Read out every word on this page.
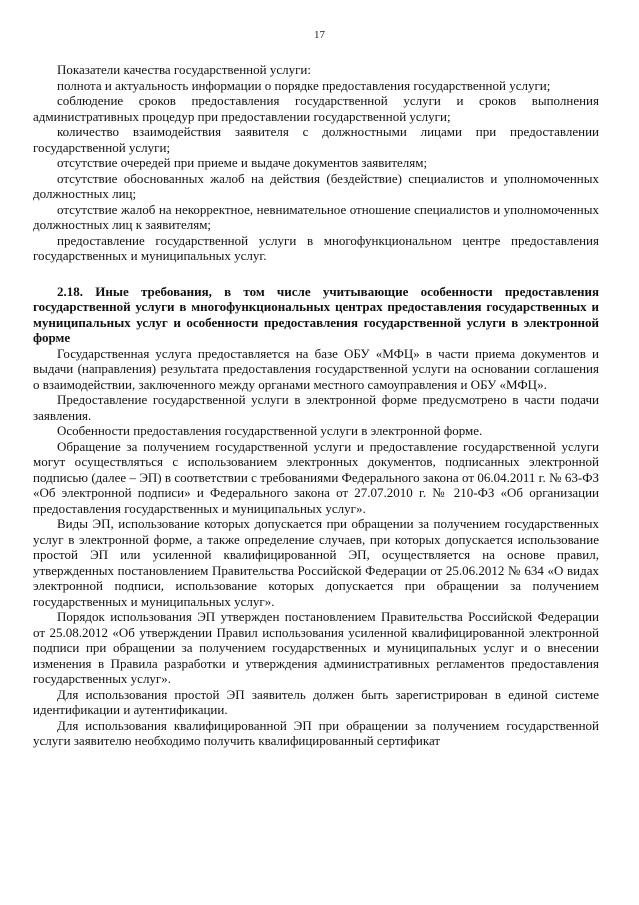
17

Показатели качества государственной услуги:

полнота и актуальность информации о порядке предоставления государственной услуги;

соблюдение сроков предоставления государственной услуги и сроков выполнения административных процедур при предоставлении государственной услуги;

количество взаимодействия заявителя с должностными лицами при предоставлении государственной услуги;

отсутствие очередей при приеме и выдаче документов заявителям;

отсутствие обоснованных жалоб на действия (бездействие) специалистов и уполномоченных должностных лиц;

отсутствие жалоб на некорректное, невнимательное отношение специалистов и уполномоченных должностных лиц к заявителям;

предоставление государственной услуги в многофункциональном центре предоставления государственных и муниципальных услуг.

2.18. Иные требования, в том числе учитывающие особенности предоставления государственной услуги в многофункциональных центрах предоставления государственных и муниципальных услуг и особенности предоставления государственной услуги в электронной форме

Государственная услуга предоставляется на базе ОБУ «МФЦ» в части приема документов и выдачи (направления) результата предоставления государственной услуги на основании соглашения о взаимодействии, заключенного между органами местного самоуправления и ОБУ «МФЦ».

Предоставление государственной услуги в электронной форме предусмотрено в части подачи заявления.

Особенности предоставления государственной услуги в электронной форме.

Обращение за получением государственной услуги и предоставление государственной услуги могут осуществляться с использованием электронных документов, подписанных электронной подписью (далее – ЭП) в соответствии с требованиями Федерального закона от 06.04.2011 г. № 63-ФЗ «Об электронной подписи» и Федерального закона от 27.07.2010 г. № 210-ФЗ «Об организации предоставления государственных и муниципальных услуг».

Виды ЭП, использование которых допускается при обращении за получением государственных услуг в электронной форме, а также определение случаев, при которых допускается использование простой ЭП или усиленной квалифицированной ЭП, осуществляется на основе правил, утвержденных постановлением Правительства Российской Федерации от 25.06.2012 № 634 «О видах электронной подписи, использование которых допускается при обращении за получением государственных и муниципальных услуг».

Порядок использования ЭП утвержден постановлением Правительства Российской Федерации от 25.08.2012 «Об утверждении Правил использования усиленной квалифицированной электронной подписи при обращении за получением государственных и муниципальных услуг и о внесении изменения в Правила разработки и утверждения административных регламентов предоставления государственных услуг».

Для использования простой ЭП заявитель должен быть зарегистрирован в единой системе идентификации и аутентификации.

Для использования квалифицированной ЭП при обращении за получением государственной услуги заявителю необходимо получить квалифицированный сертификат
